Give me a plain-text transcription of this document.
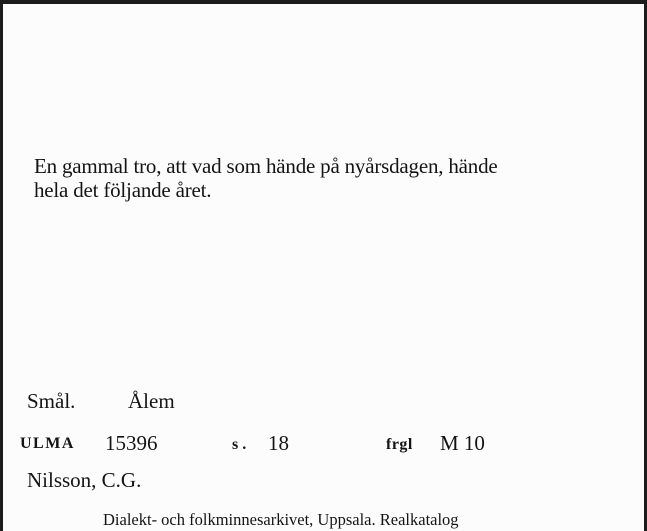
En gammal tro, att vad som hände på nyårsdagen, hände
hela det följande året.
Smål.	Ålem
ULMA 15396	s. 18	frgl M 10
Nilsson, C.G.
Dialekt- och folkminnesarkivet, Uppsala. Realkatalog
